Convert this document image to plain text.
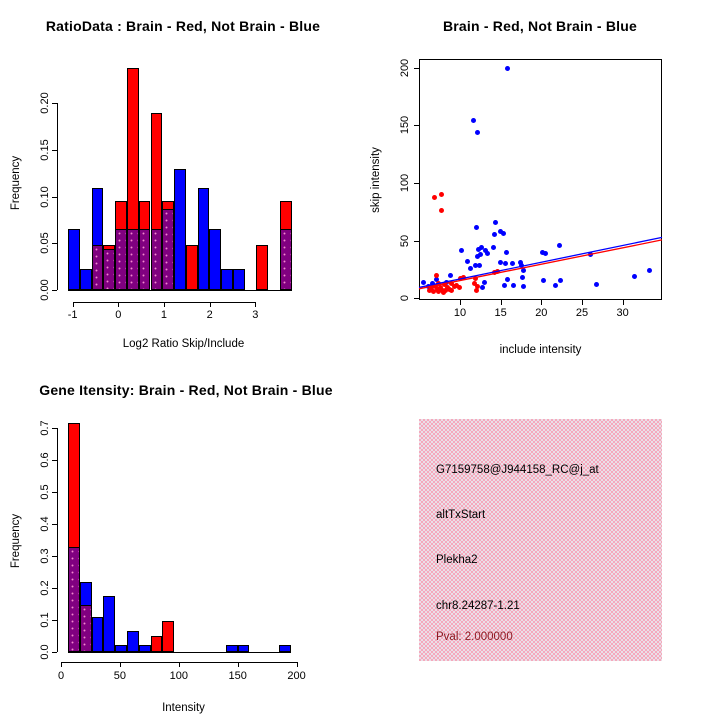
RatioData : Brain - Red, Not Brain - Blue	Brain - Red, Not Brain - Blue
Gene Itensity: Brain - Red, Not Brain - Blue
Log2 Ratio Skip/Include
Frequency
include intensity
skip intensity
Intensity
Frequency
-1	0	1	2	3
0.00
0.05
0.10
0.15
0.20
10	15	20	25	30
0
50
100
150
200
0	50	100	150	200
0.0
0.1
0.2
0.3
0.4
0.5
0.6
0.7
G7159758@J944158_RC@j_at
altTxStart
Plekha2
chr8.24287-1.21
Pval: 2.000000
